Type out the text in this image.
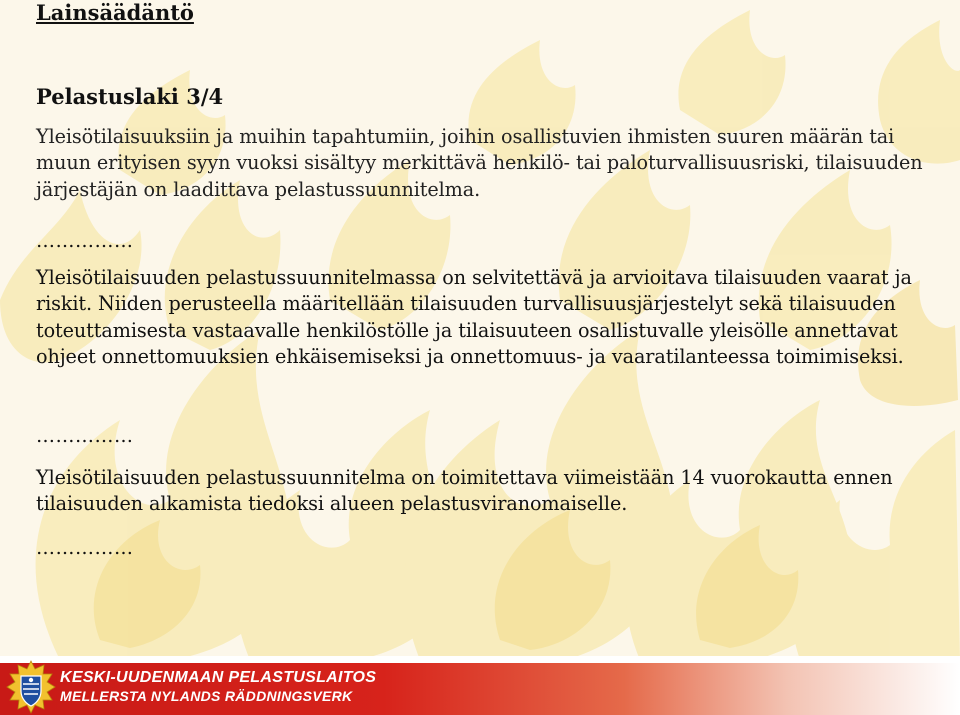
Lainsäädäntö
Pelastuslaki 3/4
Yleisötilaisuuksiin ja muihin tapahtumiin, joihin osallistuvien ihmisten suuren määrän tai muun erityisen syyn vuoksi sisältyy merkittävä henkilö- tai paloturvallisuusriski, tilaisuuden järjestäjän on laadittava pelastussuunnitelma.
……………
Yleisötilaisuuden pelastussuunnitelmassa on selvitettävä ja arvioitava tilaisuuden vaarat ja riskit. Niiden perusteella määritellään tilaisuuden turvallisuusjärjestelyt sekä tilaisuuden toteuttamisesta vastaavalle henkilöstölle ja tilaisuuteen osallistuvalle yleisölle annettavat ohjeet onnettomuuksien ehkäisemiseksi ja onnettomuus- ja vaaratilanteessa toimimiseksi.
……………
Yleisötilaisuuden pelastussuunnitelma on toimitettava viimeistään 14 vuorokautta ennen tilaisuuden alkamista tiedoksi alueen pelastusviranomaiselle.
……………
KESKI-UUDENMAAN PELASTUSLAITOS
MELLERSTA NYLANDS RÄDDNINGSVERK
